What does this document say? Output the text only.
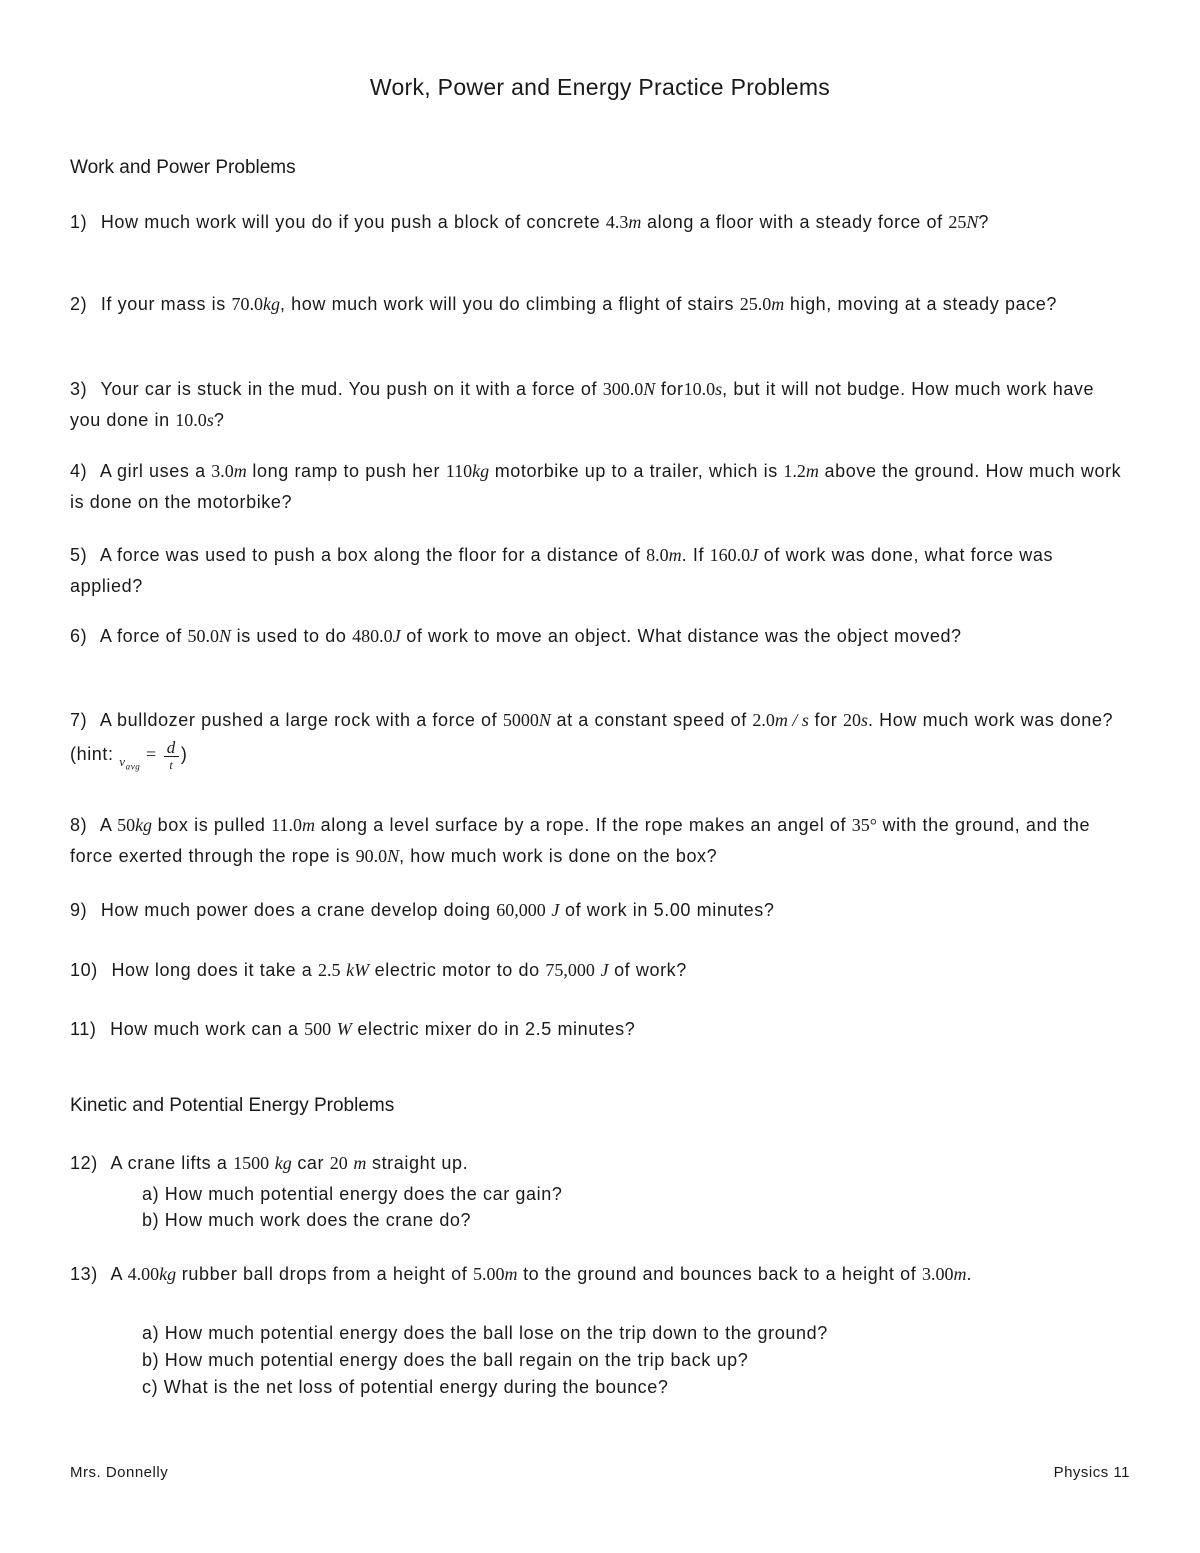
Work, Power and Energy Practice Problems
Work and Power Problems
1) How much work will you do if you push a block of concrete 4.3m along a floor with a steady force of 25N?
2) If your mass is 70.0kg, how much work will you do climbing a flight of stairs 25.0m high, moving at a steady pace?
3) Your car is stuck in the mud. You push on it with a force of 300.0N for10.0s, but it will not budge. How much work have you done in 10.0s?
4) A girl uses a 3.0m long ramp to push her 110kg motorbike up to a trailer, which is 1.2m above the ground. How much work is done on the motorbike?
5) A force was used to push a box along the floor for a distance of 8.0m. If 160.0J of work was done, what force was applied?
6) A force of 50.0N is used to do 480.0J of work to move an object. What distance was the object moved?
7) A bulldozer pushed a large rock with a force of 5000N at a constant speed of 2.0m / s for 20s. How much work was done? (hint: $_{v_{avg}} = \frac{d}{t}$ )
8) A 50kg box is pulled 11.0m along a level surface by a rope. If the rope makes an angel of 35° with the ground, and the force exerted through the rope is 90.0N, how much work is done on the box?
9) How much power does a crane develop doing 60,000 J of work in 5.00 minutes?
10) How long does it take a 2.5 kW electric motor to do 75,000 J of work?
11) How much work can a 500 W electric mixer do in 2.5 minutes?
Kinetic and Potential Energy Problems
12) A crane lifts a 1500 kg car 20 m straight up.
a) How much potential energy does the car gain?
b) How much work does the crane do?
13) A 4.00kg rubber ball drops from a height of 5.00m to the ground and bounces back to a height of 3.00m.
a) How much potential energy does the ball lose on the trip down to the ground?
b) How much potential energy does the ball regain on the trip back up?
c) What is the net loss of potential energy during the bounce?
Mrs. Donnelly	Physics 11
